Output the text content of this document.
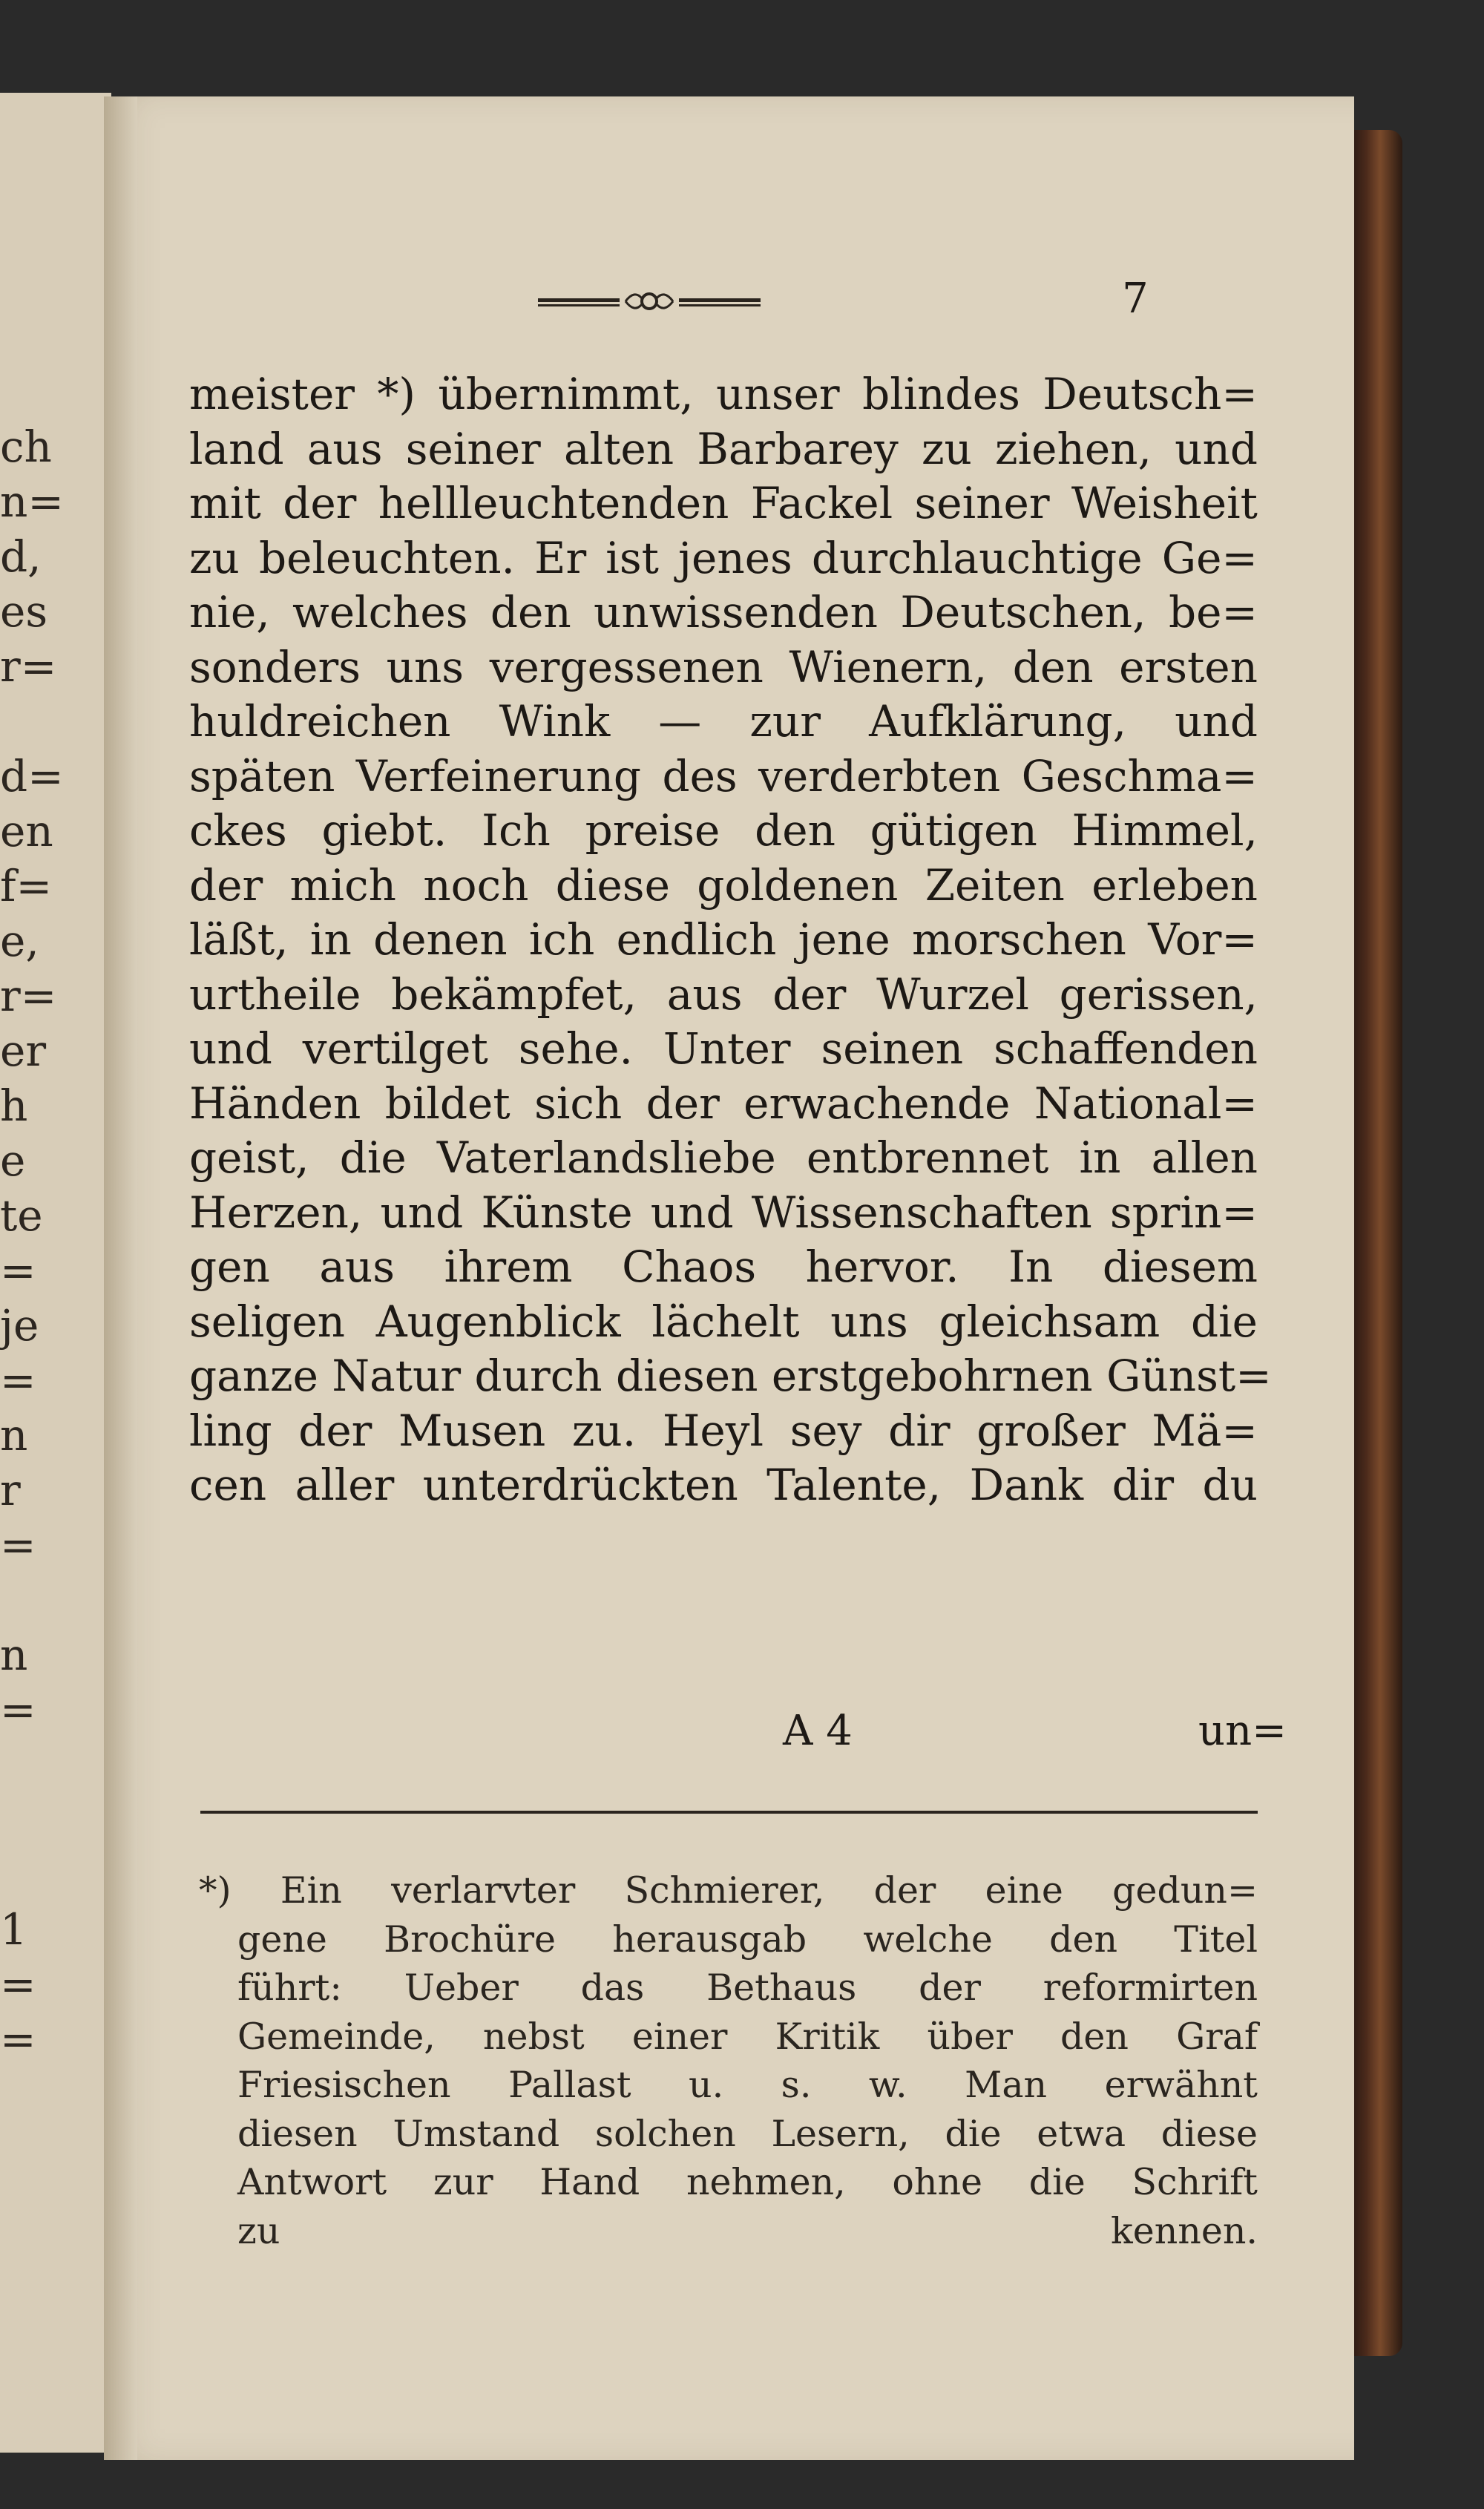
ch
n=
d,
es
r=

d=
en
f=
e,
r=
er
h
e
te
=
je
=
n
r
=

n
=

1
=
=
7
meister *) übernimmt, unser blindes Deutsch=
land aus seiner alten Barbarey zu ziehen, und
mit der hellleuchtenden Fackel seiner Weisheit
zu beleuchten. Er ist jenes durchlauchtige Ge=
nie, welches den unwissenden Deutschen, be=
sonders uns vergessenen Wienern, den ersten
huldreichen Wink — zur Aufklärung, und
späten Verfeinerung des verderbten Geschma=
ckes giebt. Ich preise den gütigen Himmel,
der mich noch diese goldenen Zeiten erleben
läßt, in denen ich endlich jene morschen Vor=
urtheile bekämpfet, aus der Wurzel gerissen,
und vertilget sehe. Unter seinen schaffenden
Händen bildet sich der erwachende National=
geist, die Vaterlandsliebe entbrennet in allen
Herzen, und Künste und Wissenschaften sprin=
gen aus ihrem Chaos hervor. In diesem
seligen Augenblick lächelt uns gleichsam die
ganze Natur durch diesen erstgebohrnen Günst=
ling der Musen zu. Heyl sey dir großer Mä=
cen aller unterdrückten Talente, Dank dir du
A 4	un=
*) Ein verlarvter Schmierer, der eine gedun=
gene Brochüre herausgab welche den Titel
führt: Ueber das Bethaus der reformirten
Gemeinde, nebst einer Kritik über den Graf
Friesischen Pallast u. s. w. Man erwähnt
diesen Umstand solchen Lesern, die etwa diese
Antwort zur Hand nehmen, ohne die Schrift
zu kennen.
